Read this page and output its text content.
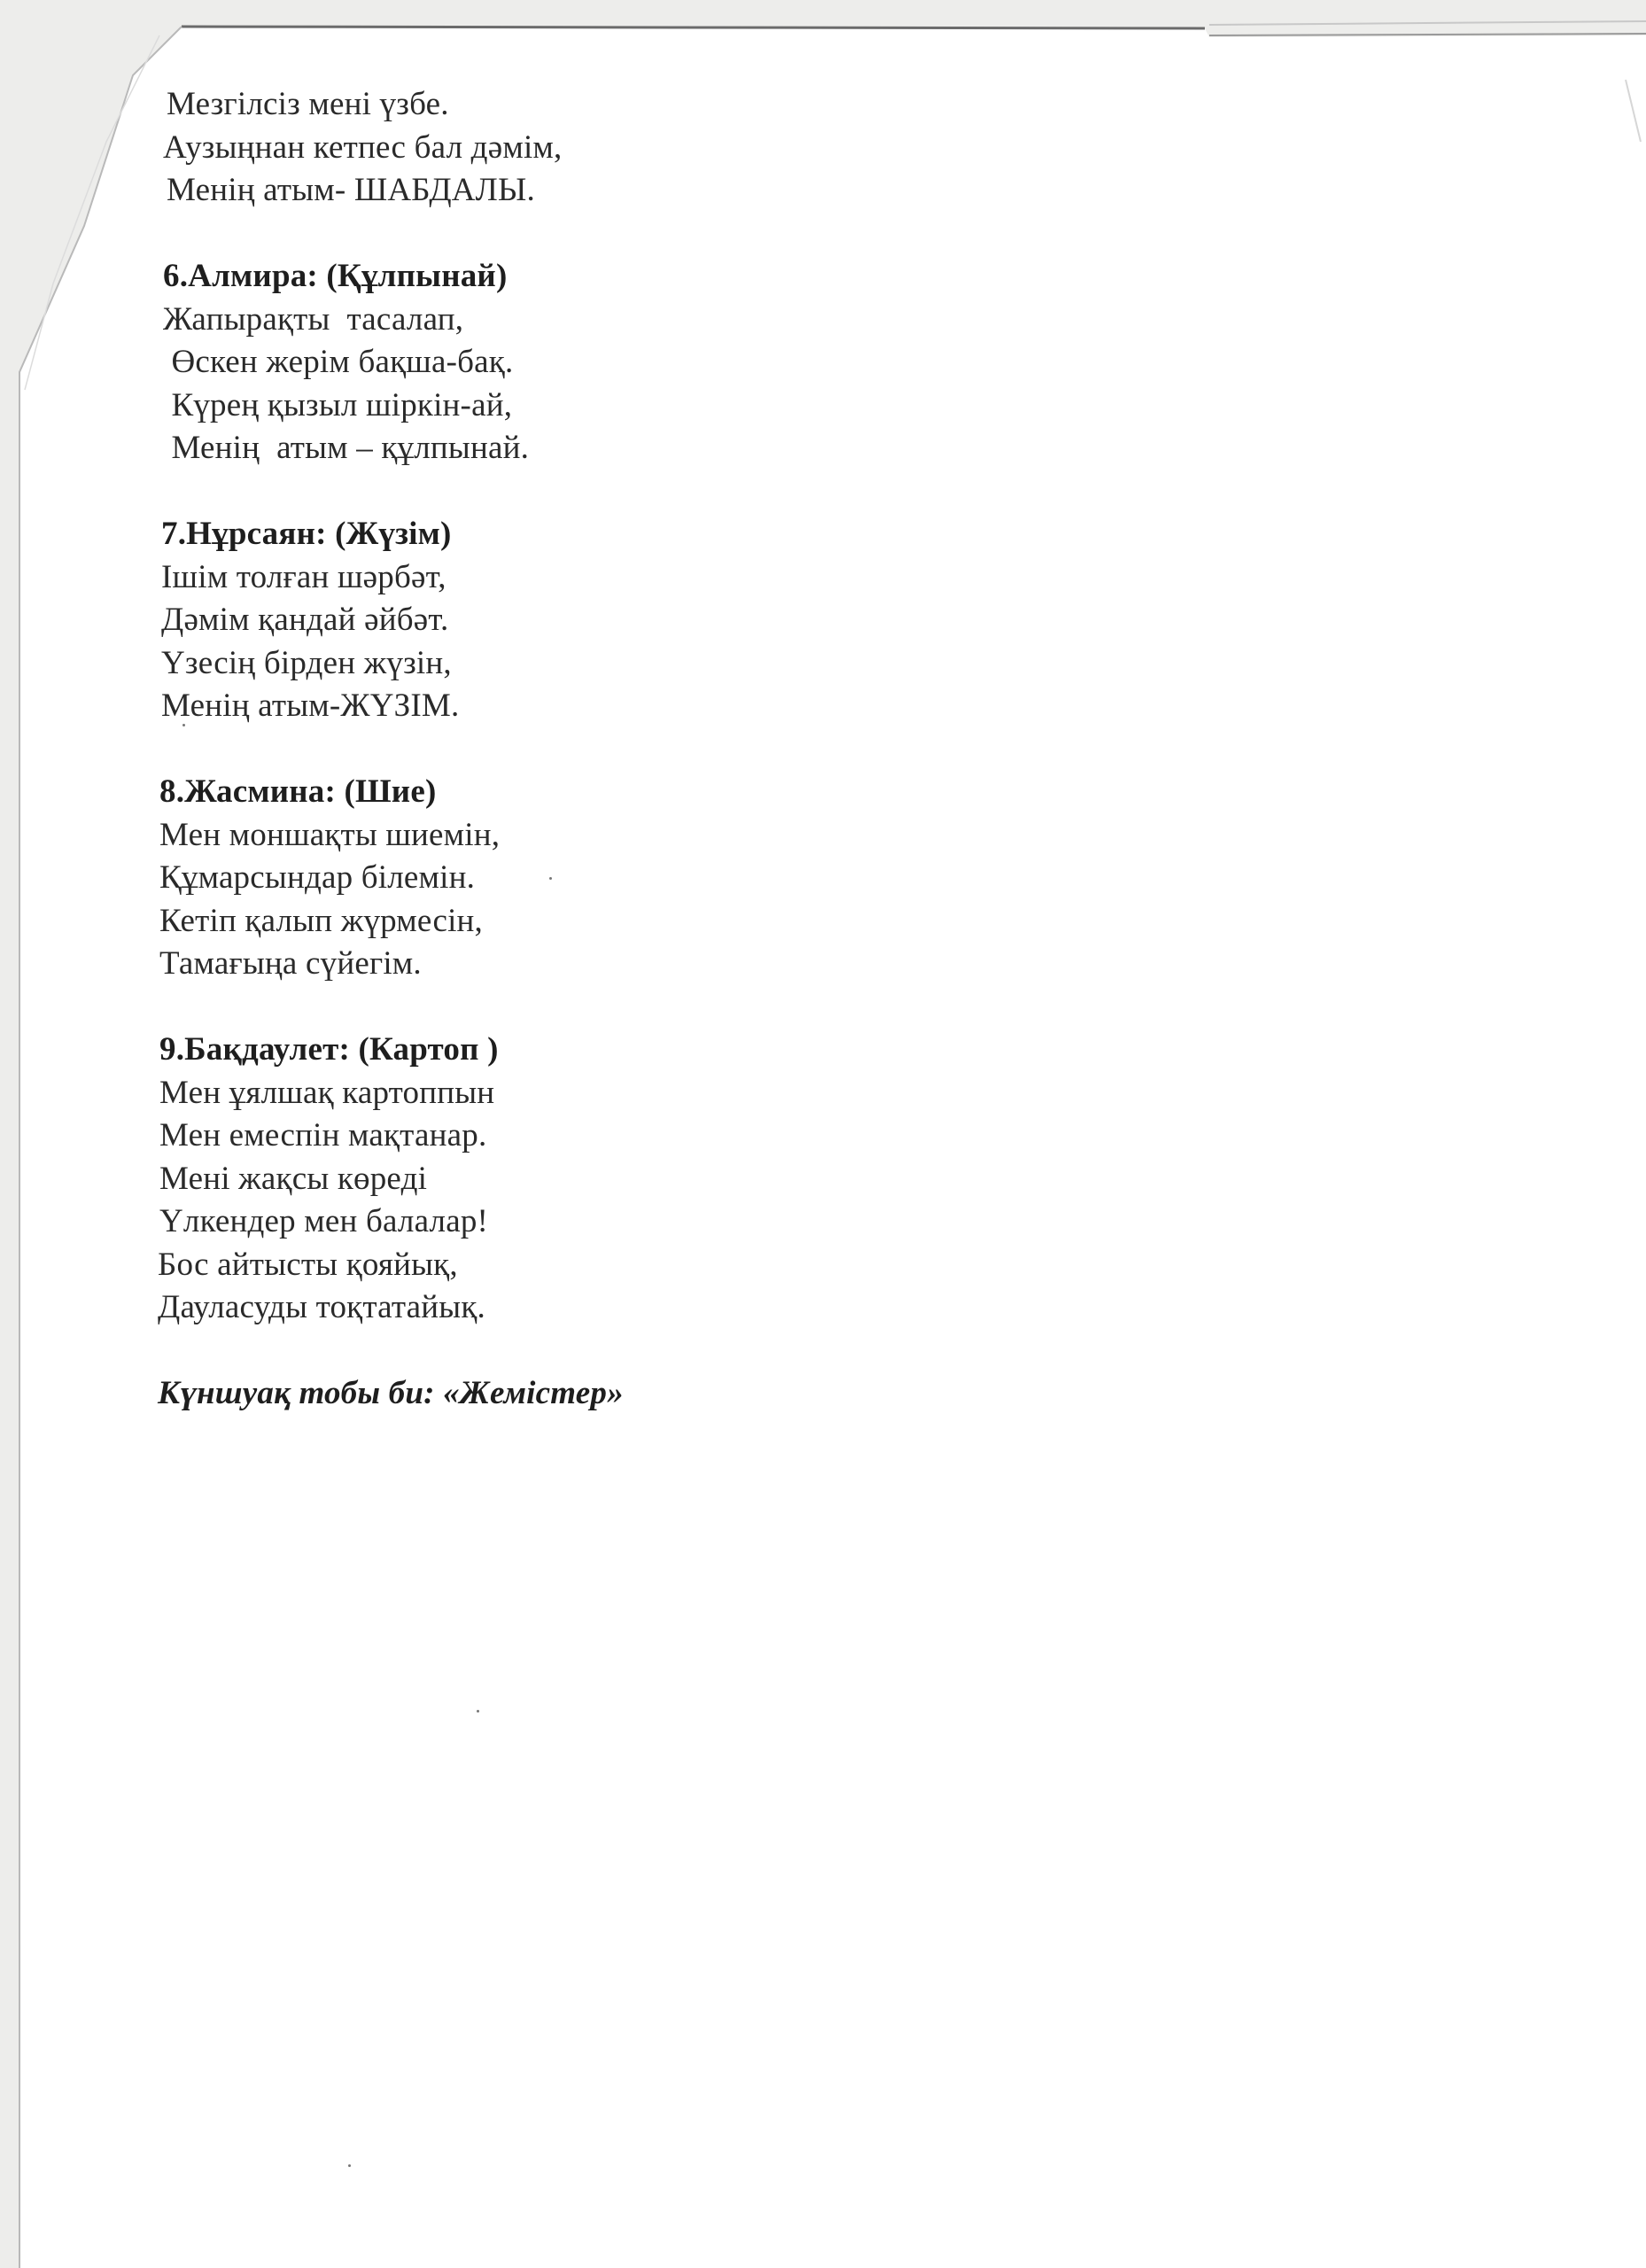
Мезгілсіз мені үзбе.
Аузыңнан кетпес бал дәмім,
Менің атым- ШАБДАЛЫ.
6.Алмира: (Құлпынай)
Жапырақты  тасалап,
Өскен жерім бақша-бақ.
Күрең қызыл шіркін-ай,
Менің  атым – құлпынай.
7.Нұрсаян: (Жүзім)
Ішім толған шәрбәт,
Дәмім қандай әйбәт.
Үзесің бірден жүзін,
Менің атым-ЖҮЗІМ.
8.Жасмина: (Шие)
Мен моншақты шиемін,
Құмарсындар білемін.
Кетіп қалып жүрмесін,
Тамағыңа сүйегім.
9.Бақдаулет: (Картоп )
Мен ұялшақ картоппын
Мен емеспін мақтанар.
Мені жақсы көреді
Үлкендер мен балалар!
Бос айтысты қояйық,
Дауласуды тоқтатайық.
Күншуақ тобы би: «Жемістер»
